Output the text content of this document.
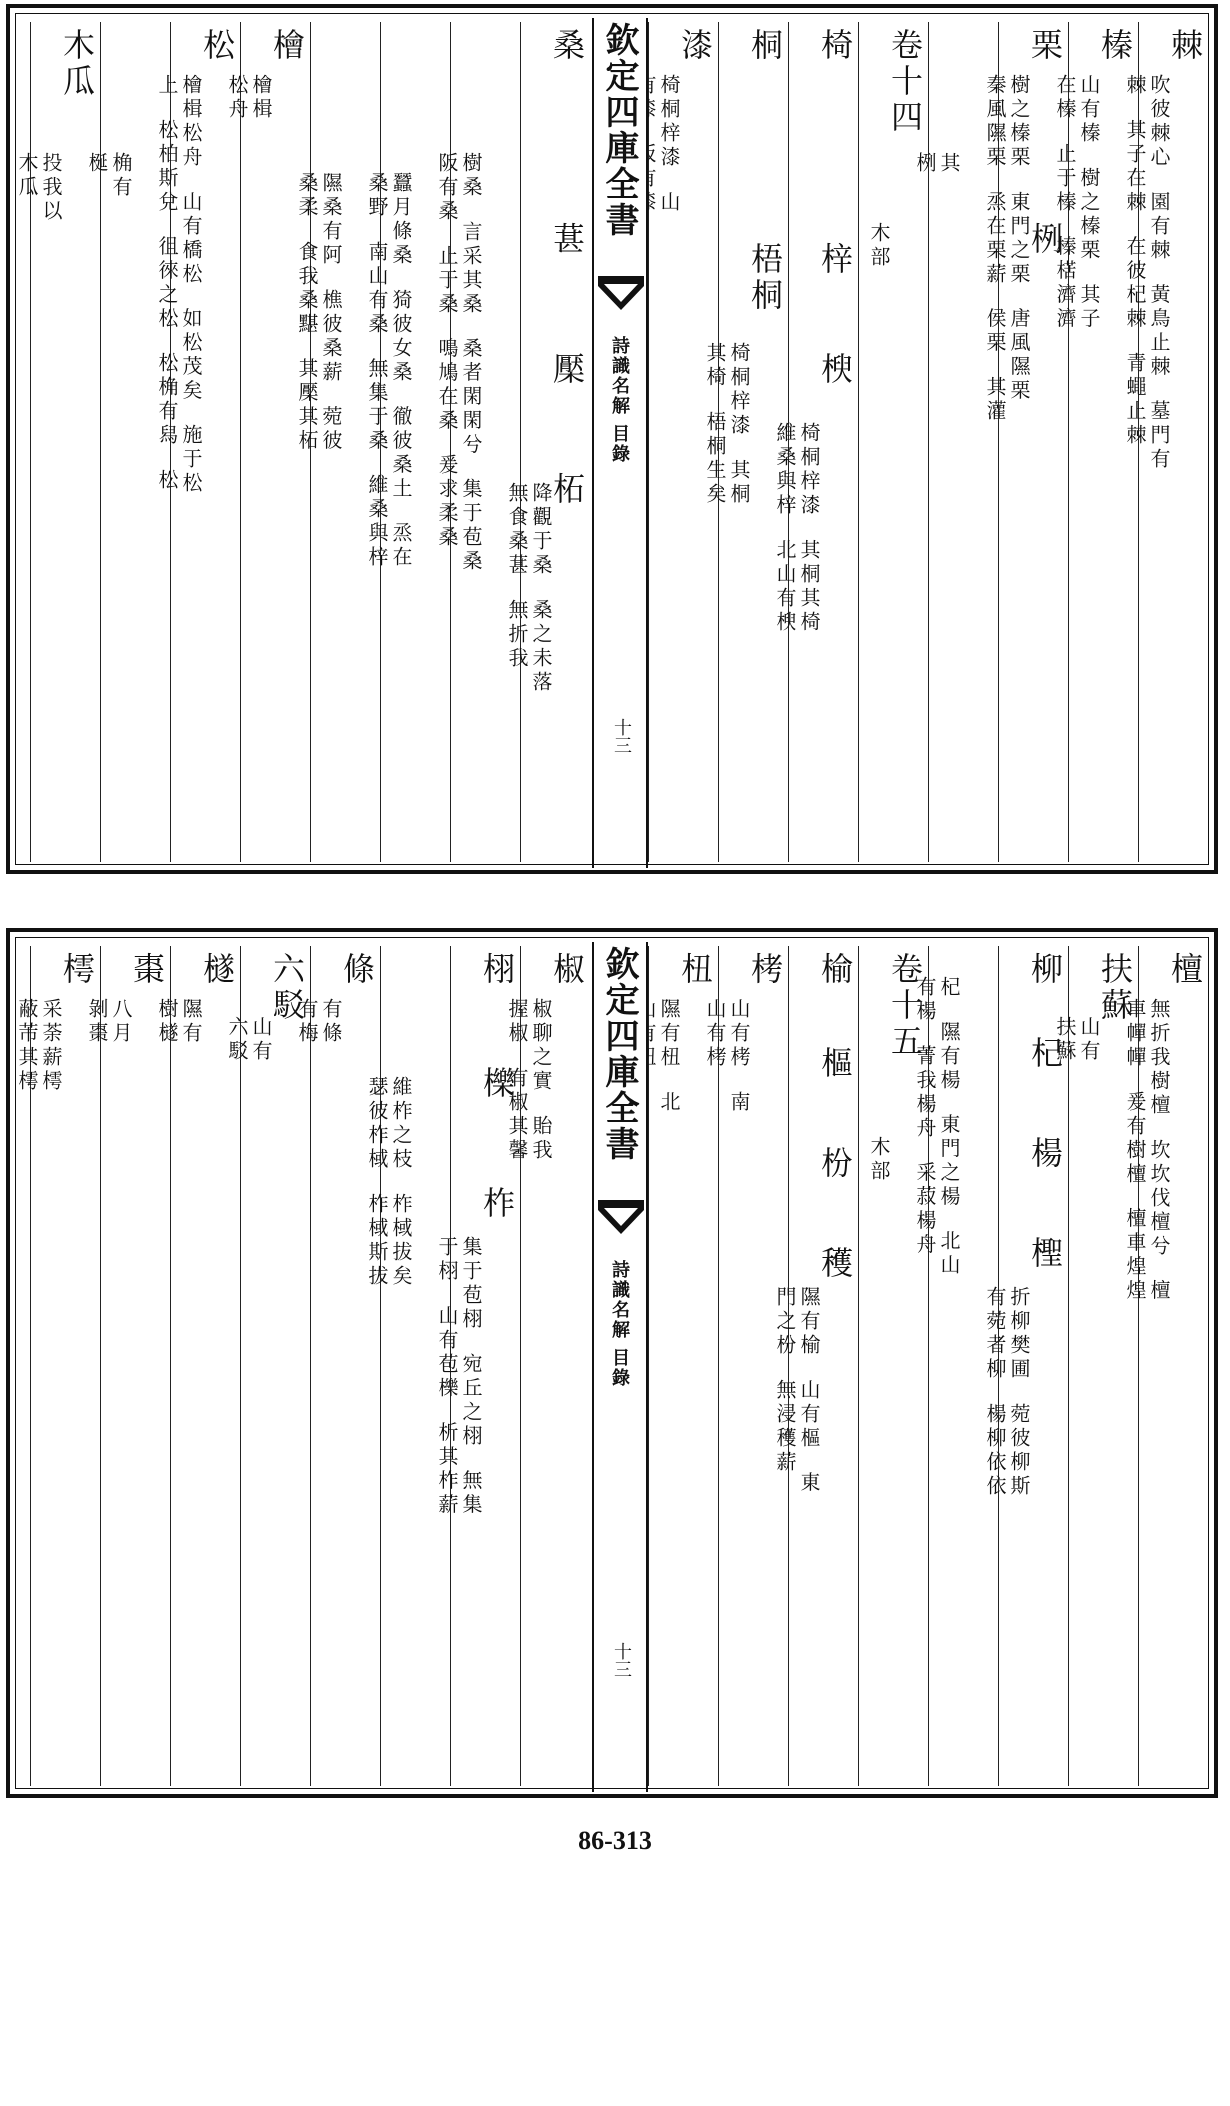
棘
吹彼棘心  園有棘  黃鳥止棘  墓門有
棘  其子在棘  在彼杞棘  青蠅止棘
榛
山有榛  樹之榛栗  其子
在榛  止于榛  榛楛濟濟
栗
樹之榛栗  東門之栗  唐風隰栗
秦風隰栗  烝在栗薪  侯栗  其灌
栵
其
栵
卷十四
木部
椅
梓
楰
椅桐梓漆  其桐其椅
維桑與梓  北山有楰
桐
梧桐
椅桐梓漆  其桐
其椅  梧桐生矣
漆
椅桐梓漆  山

欽定四庫全書
詩識名解 目錄
十三
桑
葚
檿
柘
降觀于桑  桑之未落
無食桑葚  無折我
樹桑  言采其桑  桑者閑閑兮  集于苞桑
阪有桑  止于桑  鳴鳩在桑  爰求柔桑
蠶月條桑  猗彼女桑  徹彼桑土  烝在
桑野  南山有桑  無集于桑  維桑與梓
隰桑有阿  樵彼桑薪  菀彼
桑柔  食我桑黮  其檿其柘
檜
檜楫
松舟
松
檜楫松舟  山有橋松  如松茂矣  施于松
上  松柏斯兌  徂徠之松  松桷有舄  松
桷有
梴
木瓜
投我以
木瓜
檀
無折我樹檀  坎坎伐檀兮  檀
車幝幝  爰有樹檀  檀車煌煌
扶蘇
山有
扶蘇
柳
杞
楊
檉
折柳樊圃  菀彼柳斯
有菀者柳  楊柳依依
杞  隰有楊  東門之楊  北山
有楊  菁我楊舟  采菽楊舟
卷十五
木部
榆
樞
枌
穫
隰有榆  山有樞  東
門之枌  無浸穫薪
栲
山有栲  南
山有栲
杻
隰有杻  北

欽定四庫全書
詩識名解 目錄
十三
椒
椒聊之實  貽我
握椒  有椒其馨
栩
櫟
柞
集于苞栩  宛丘之栩  無集
于栩  山有苞櫟  析其柞薪
維柞之枝  柞棫拔矣
瑟彼柞棫  柞棫斯拔
條
有條
有梅
六駁
山有
六駁
檖
隰有
樹檖
棗
八月
剝棗
樗
采荼薪樗
蔽芾其樗
86-313
